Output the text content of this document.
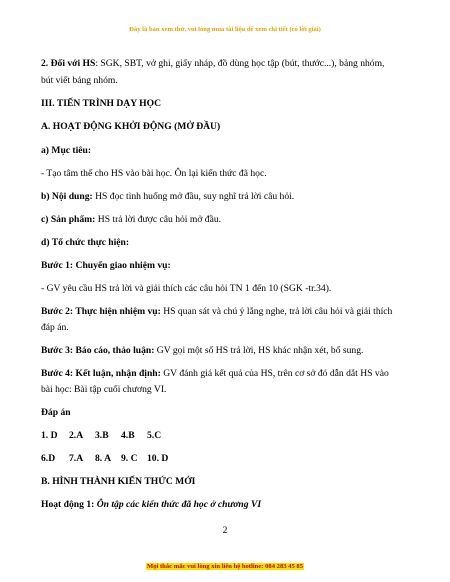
Đây là bản xem thử, vui lòng mua tài liệu để xem chi tiết (có lời giải)
2. Đối với HS: SGK, SBT, vở ghi, giấy nháp, đồ dùng học tập (bút, thước...), bảng nhóm,
bút viết bảng nhóm.
III. TIẾN TRÌNH DẠY HỌC
A. HOẠT ĐỘNG KHỞI ĐỘNG (MỞ ĐẦU)
a) Mục tiêu:
- Tạo tâm thế cho HS vào bài học. Ôn lại kiến thức đã học.
b) Nội dung: HS đọc tình huống mở đầu, suy nghĩ trả lời câu hỏi.
c) Sản phẩm: HS trả lời được câu hỏi mở đầu.
d) Tổ chức thực hiện:
Bước 1: Chuyển giao nhiệm vụ:
- GV yêu cầu HS trả lời và giải thích các câu hỏi TN 1 đến 10 (SGK -tr.34).
Bước 2: Thực hiện nhiệm vụ: HS quan sát và chú ý lắng nghe, trả lời câu hỏi và giải thích
đáp án.
Bước 3: Báo cáo, thảo luận: GV gọi một số HS trả lời, HS khác nhận xét, bổ sung.
Bước 4: Kết luận, nhận định: GV đánh giá kết quả của HS, trên cơ sở đó dẫn dắt HS vào
bài học: Bài tập cuối chương VI.
Đáp án
1. D 2.A 3.B 4.B 5.C
6.D 7.A 8. A 9. C 10. D
B. HÌNH THÀNH KIẾN THỨC MỚI
Hoạt động 1: Ôn tập các kiến thức đã học ở chương VI
2
Mọi thắc mắc vui lòng xin liên hệ hotline: 084 283 45 85
